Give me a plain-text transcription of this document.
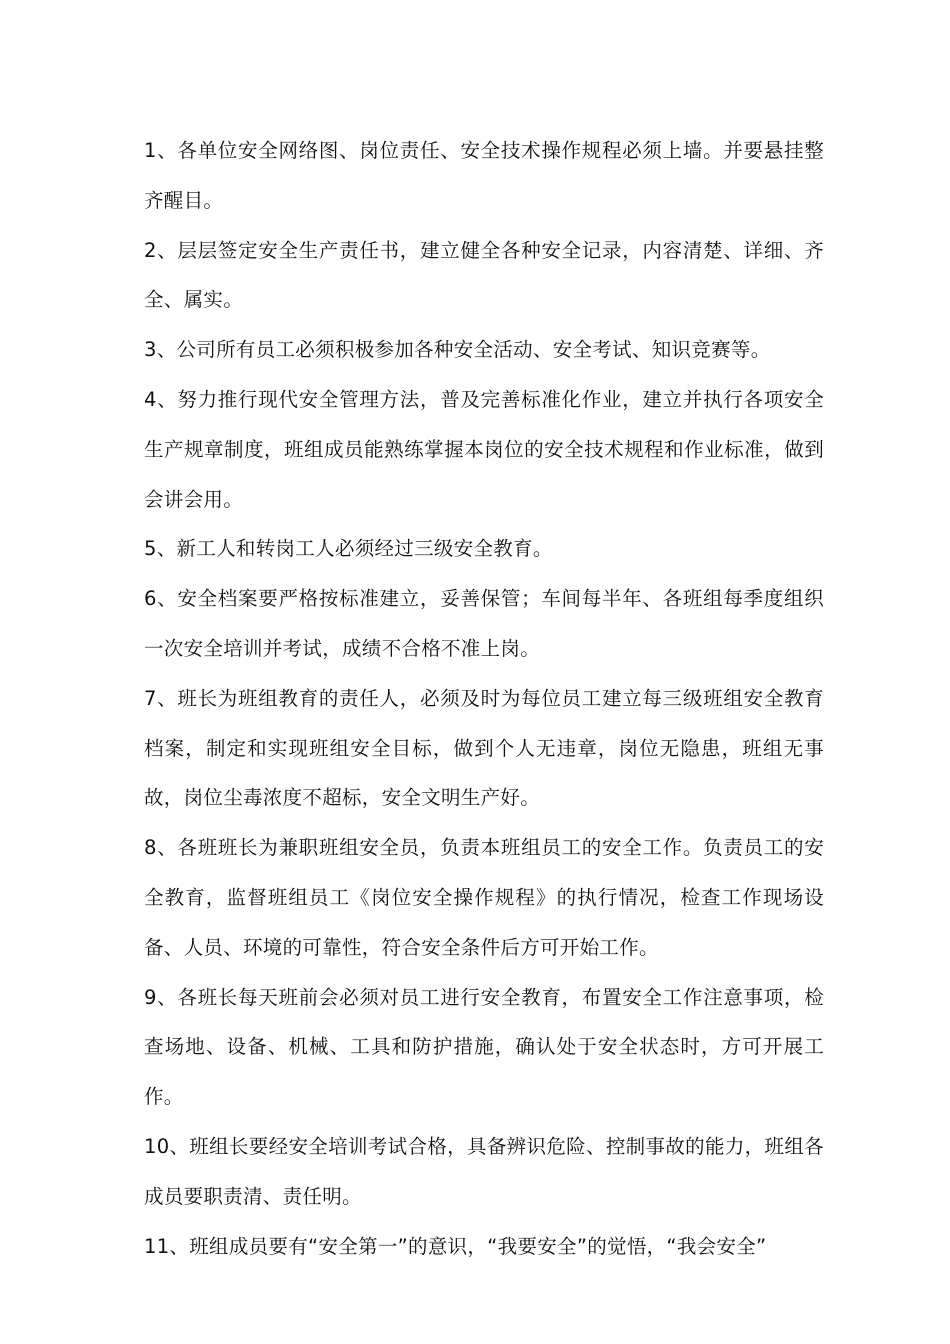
1、各单位安全网络图、岗位责任、安全技术操作规程必须上墙。并要悬挂整齐醒目。

2、层层签定安全生产责任书，建立健全各种安全记录，内容清楚、详细、齐全、属实。

3、公司所有员工必须积极参加各种安全活动、安全考试、知识竞赛等。

4、努力推行现代安全管理方法，普及完善标准化作业，建立并执行各项安全生产规章制度，班组成员能熟练掌握本岗位的安全技术规程和作业标准，做到会讲会用。

5、新工人和转岗工人必须经过三级安全教育。

6、安全档案要严格按标准建立，妥善保管；车间每半年、各班组每季度组织一次安全培训并考试，成绩不合格不准上岗。

7、班长为班组教育的责任人，必须及时为每位员工建立每三级班组安全教育档案，制定和实现班组安全目标，做到个人无违章，岗位无隐患，班组无事故，岗位尘毒浓度不超标，安全文明生产好。

8、各班班长为兼职班组安全员，负责本班组员工的安全工作。负责员工的安全教育，监督班组员工《岗位安全操作规程》的执行情况，检查工作现场设备、人员、环境的可靠性，符合安全条件后方可开始工作。

9、各班长每天班前会必须对员工进行安全教育，布置安全工作注意事项，检查场地、设备、机械、工具和防护措施，确认处于安全状态时，方可开展工作。

10、班组长要经安全培训考试合格，具备辨识危险、控制事故的能力，班组各成员要职责清、责任明。

11、班组成员要有“安全第一”的意识，“我要安全”的觉悟，“我会安全”
